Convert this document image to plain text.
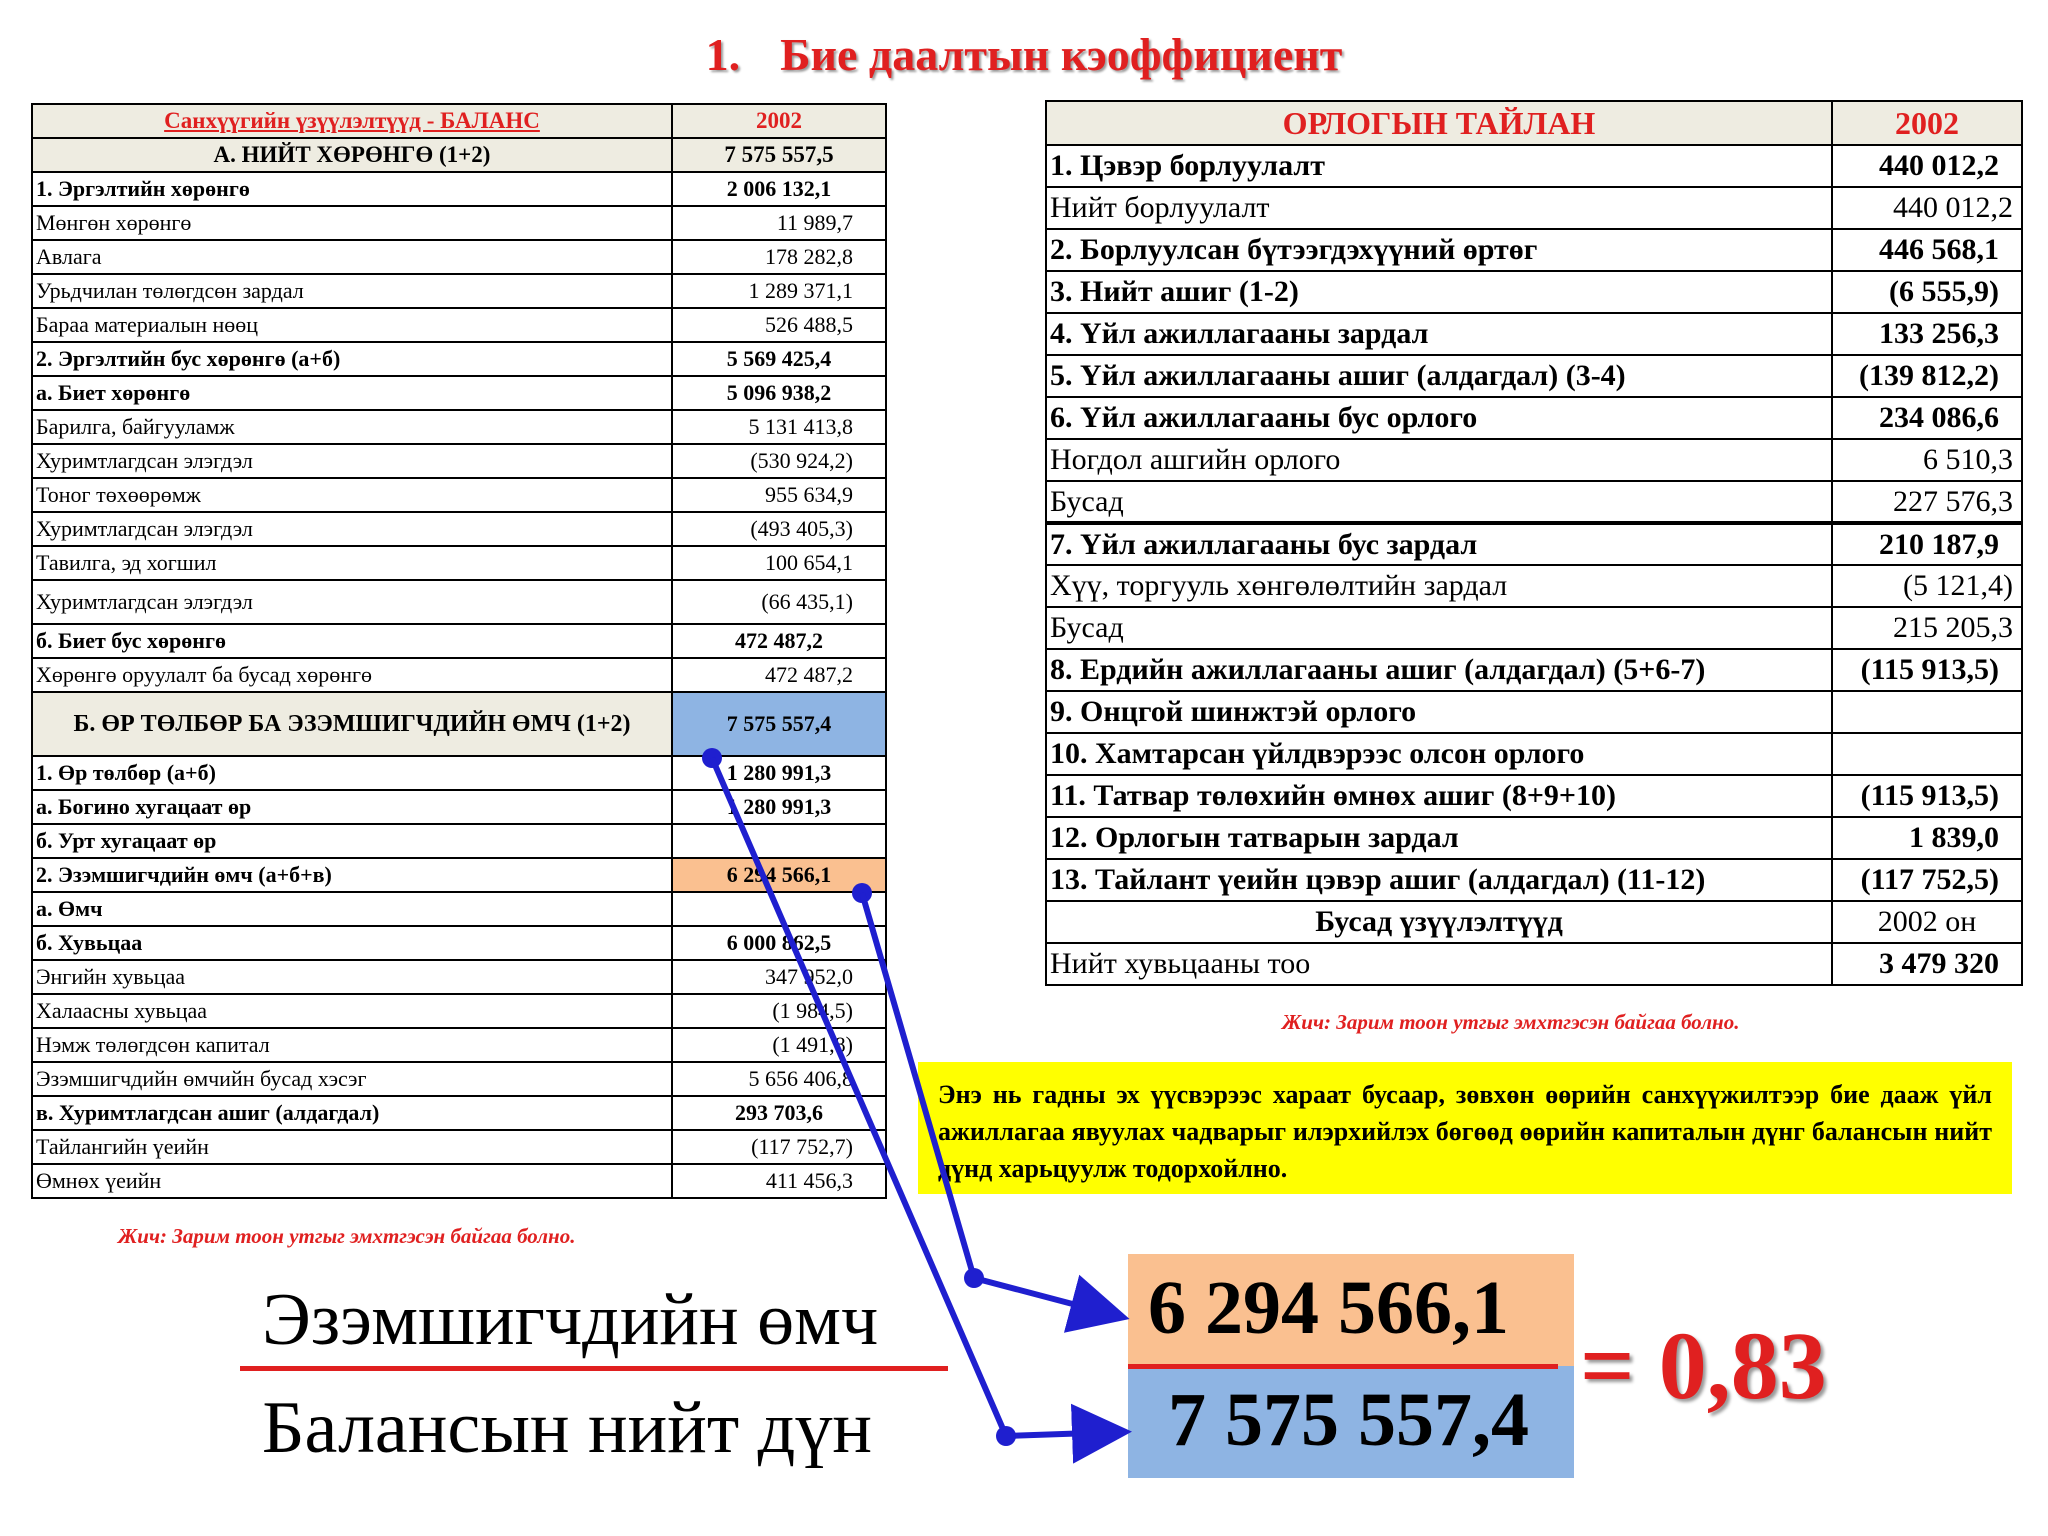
1. Бие даалтын кэоффициент
Санхүүгийн үзүүлэлтүүд - БАЛАНС	2002
А. НИЙТ ХӨРӨНГӨ (1+2)	7 575 557,5
1. Эргэлтийн хөрөнгө	2 006 132,1
Мөнгөн хөрөнгө	11 989,7
Авлага	178 282,8
Урьдчилан төлөгдсөн зардал	1 289 371,1
Бараа материалын нөөц	526 488,5
2. Эргэлтийн бус хөрөнгө (а+б)	5 569 425,4
а. Биет хөрөнгө	5 096 938,2
Барилга, байгууламж	5 131 413,8
Хуримтлагдсан элэгдэл	(530 924,2)
Тоног төхөөрөмж	955 634,9
Хуримтлагдсан элэгдэл	(493 405,3)
Тавилга, эд хогшил	100 654,1
Хуримтлагдсан элэгдэл	(66 435,1)
б. Биет бус хөрөнгө	472 487,2
Хөрөнгө оруулалт ба бусад хөрөнгө	472 487,2
Б. ӨР ТӨЛБӨР БА ЭЗЭМШИГЧДИЙН ӨМЧ (1+2)	7 575 557,4
1. Өр төлбөр (а+б)	1 280 991,3
а. Богино хугацаат өр	1 280 991,3
б. Урт хугацаат өр	
2. Эзэмшигчдийн өмч (а+б+в)	6 294 566,1
а. Өмч	
б. Хувьцаа	6 000 862,5
Энгийн хувьцаа	347 952,0
Халаасны хувьцаа	(1 984,5)
Нэмж төлөгдсөн капитал	(1 491,8)
Эзэмшигчдийн өмчийн бусад хэсэг	5 656 406,8
в. Хуримтлагдсан ашиг (алдагдал)	293 703,6
Тайлангийн үеийн	(117 752,7)
Өмнөх үеийн	411 456,3
Жич: Зарим тоон утгыг эмхтгэсэн байгаа болно.
ОРЛОГЫН ТАЙЛАН	2002
1. Цэвэр борлуулалт	440 012,2
Нийт борлуулалт	440 012,2
2. Борлуулсан бүтээгдэхүүний өртөг	446 568,1
3. Нийт ашиг (1-2)	(6 555,9)
4. Үйл ажиллагааны зардал	133 256,3
5. Үйл ажиллагааны ашиг (алдагдал) (3-4)	(139 812,2)
6. Үйл ажиллагааны бус орлого	234 086,6
Ногдол ашгийн орлого	6 510,3
Бусад	227 576,3
7. Үйл ажиллагааны бус зардал	210 187,9
Хүү, торгууль хөнгөлөлтийн зардал	(5 121,4)
Бусад	215 205,3
8. Ердийн ажиллагааны ашиг (алдагдал) (5+6-7)	(115 913,5)
9. Онцгой шинжтэй орлого	
10. Хамтарсан үйлдвэрээс олсон орлого	
11. Татвар төлөхийн өмнөх ашиг (8+9+10)	(115 913,5)
12. Орлогын татварын зардал	1 839,0
13. Тайлант үеийн цэвэр ашиг (алдагдал) (11-12)	(117 752,5)
Бусад үзүүлэлтүүд	2002 он
Нийт хувьцааны тоо	3 479 320
Жич: Зарим тоон утгыг эмхтгэсэн байгаа болно.
Энэ нь гадны эх үүсвэрээс хараат бусаар, зөвхөн өөрийн санхүүжилтээр бие дааж үйл ажиллагаа явуулах чадварыг илэрхийлэх бөгөөд өөрийн капиталын дүнг балансын нийт дүнд харьцуулж тодорхойлно.
Эзэмшигчдийн өмч
Балансын нийт дүн
6 294 566,1
7 575 557,4
= 0,83
